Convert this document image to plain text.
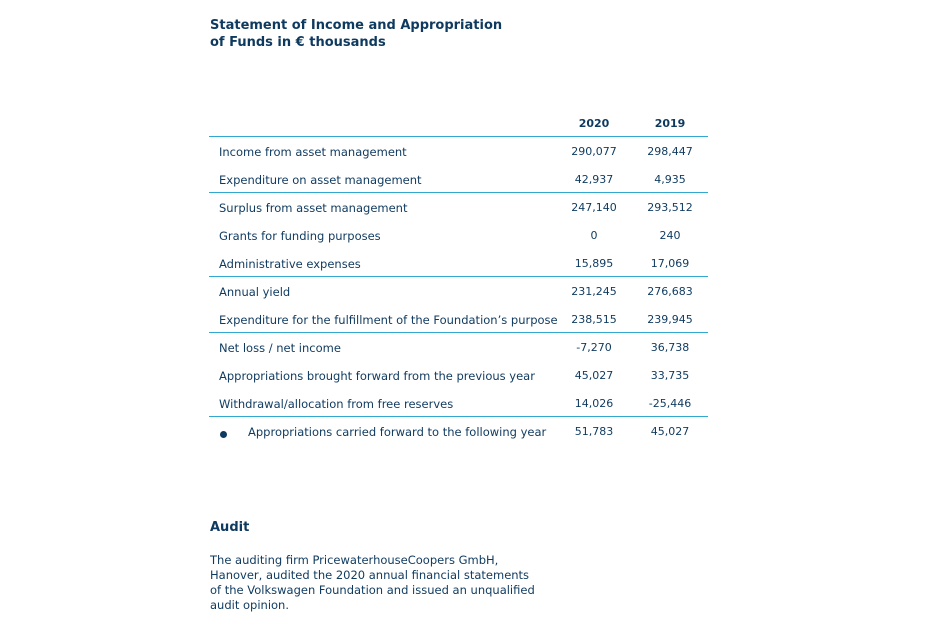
Statement of Income and Appropriation
of Funds in € thousands
2020	2019
Income from asset management	290,077	298,447
Expenditure on asset management	42,937	4,935
Surplus from asset management	247,140	293,512
Grants for funding purposes	0	240
Administrative expenses	15,895	17,069
Annual yield	231,245	276,683
Expenditure for the fulfillment of the Foundation’s purpose	238,515	239,945
Net loss / net income	-7,270	36,738
Appropriations brought forward from the previous year	45,027	33,735
Withdrawal/allocation from free reserves	14,026	-25,446
Appropriations carried forward to the following year	51,783	45,027
Audit
The auditing firm PricewaterhouseCoopers GmbH,
Hanover, audited the 2020 annual financial statements
of the Volkswagen Foundation and issued an unqualified
audit opinion.
